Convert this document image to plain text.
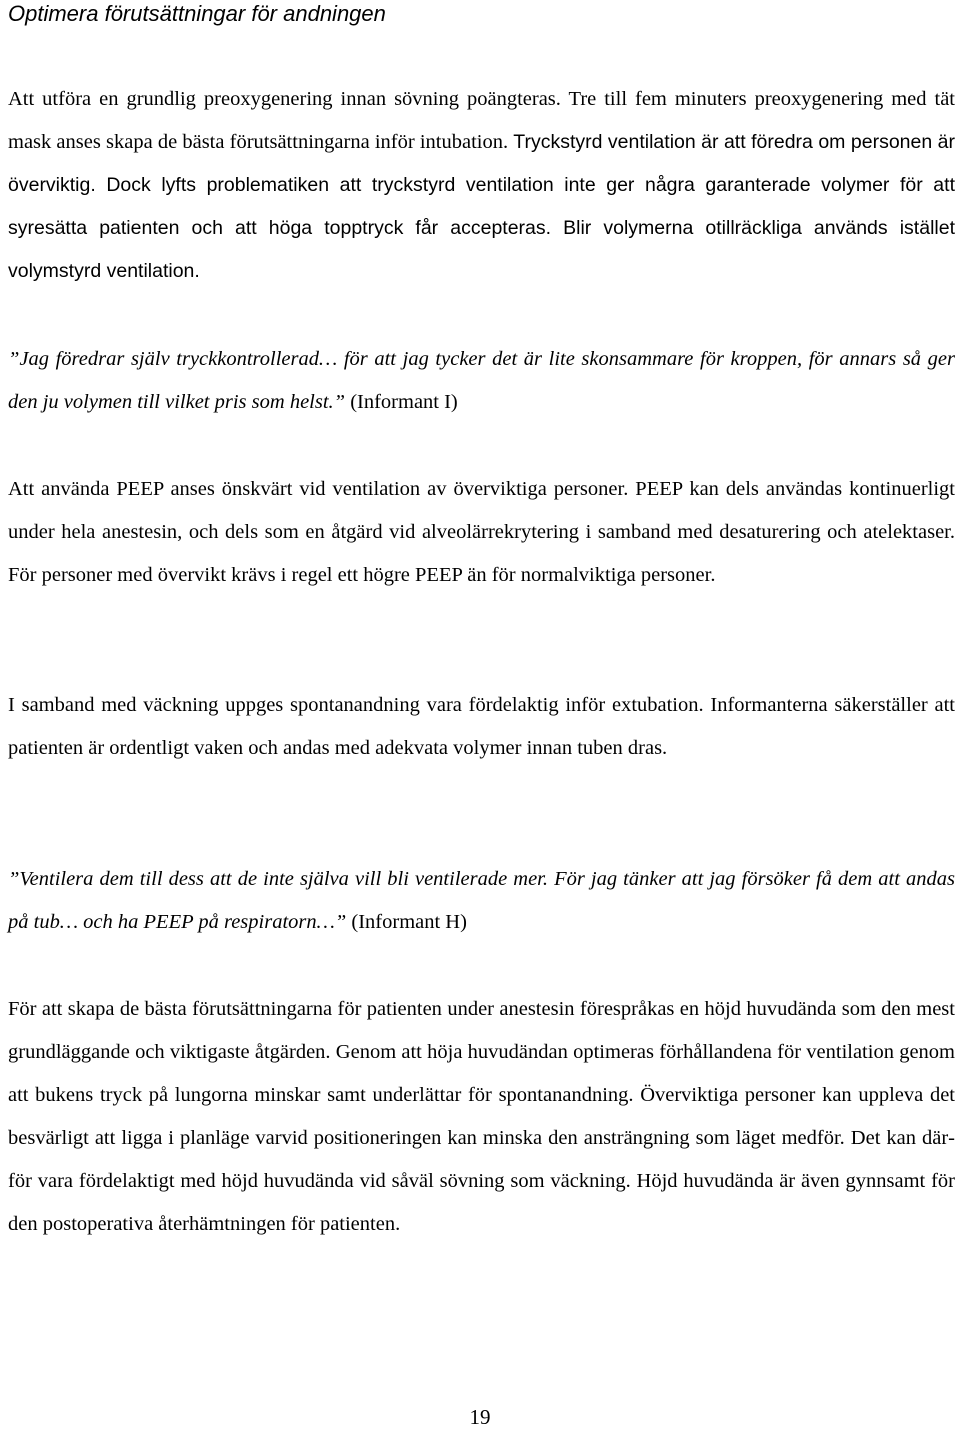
Optimera förutsättningar för andningen

Att utföra en grundlig preoxygenering innan sövning poängteras. Tre till fem minuters preoxygenering med tät mask anses skapa de bästa förutsättningarna inför intubation. Tryckstyrd ventilation är att föredra om personen är överviktig. Dock lyfts problematiken att tryckstyrd ventilation inte ger några garanterade volymer för att syresätta patienten och att höga topptryck får accepteras. Blir volymerna otillräckliga används istället volymstyrd ventilation.

”Jag föredrar själv tryckkontrollerad… för att jag tycker det är lite skonsammare för kroppen, för annars så ger den ju volymen till vilket pris som helst.” (Informant I)

Att använda PEEP anses önskvärt vid ventilation av överviktiga personer. PEEP kan dels användas kontinuerligt under hela anestesin, och dels som en åtgärd vid alveolärrekrytering i samband med desaturering och atelektaser. För personer med övervikt krävs i regel ett högre PEEP än för normalviktiga personer.

I samband med väckning uppges spontanandning vara fördelaktig inför extubation. Informanterna säkerställer att patienten är ordentligt vaken och andas med adekvata volymer innan tuben dras.

”Ventilera dem till dess att de inte själva vill bli ventilerade mer. För jag tänker att jag försöker få dem att andas på tub… och ha PEEP på respiratorn…” (Informant H)

För att skapa de bästa förutsättningarna för patienten under anestesin förespråkas en höjd huvudända som den mest grundläggande och viktigaste åtgärden. Genom att höja huvudändan optimeras förhållandena för ventilation genom att bukens tryck på lungorna minskar samt underlättar för spontanandning. Överviktiga personer kan uppleva det besvärligt att ligga i planläge varvid positioneringen kan minska den ansträngning som läget medför. Det kan därför vara fördelaktigt med höjd huvudända vid såväl sövning som väckning. Höjd huvudända är även gynnsamt för den postoperativa återhämtningen för patienten.

19
